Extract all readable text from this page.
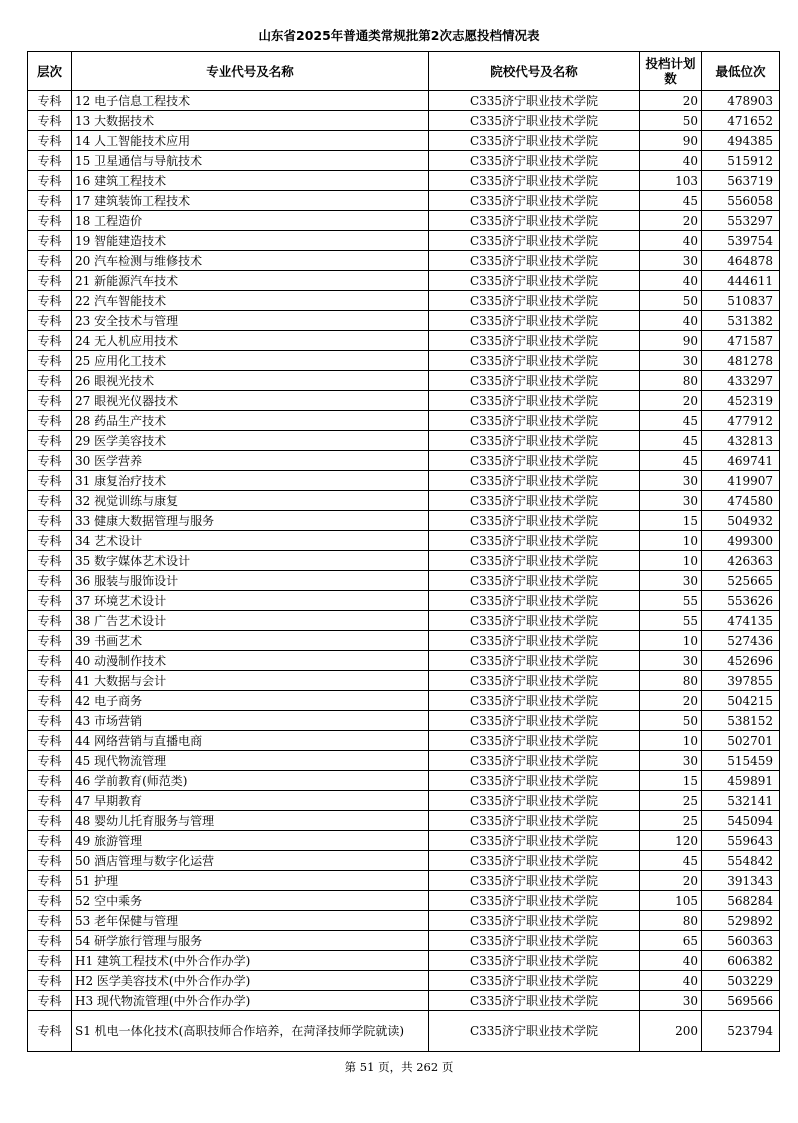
山东省2025年普通类常规批第2次志愿投档情况表
层次	专业代号及名称	院校代号及名称	投档计划数	最低位次
专科	12 电子信息工程技术	C335济宁职业技术学院	20	478903
专科	13 大数据技术	C335济宁职业技术学院	50	471652
专科	14 人工智能技术应用	C335济宁职业技术学院	90	494385
专科	15 卫星通信与导航技术	C335济宁职业技术学院	40	515912
专科	16 建筑工程技术	C335济宁职业技术学院	103	563719
专科	17 建筑装饰工程技术	C335济宁职业技术学院	45	556058
专科	18 工程造价	C335济宁职业技术学院	20	553297
专科	19 智能建造技术	C335济宁职业技术学院	40	539754
专科	20 汽车检测与维修技术	C335济宁职业技术学院	30	464878
专科	21 新能源汽车技术	C335济宁职业技术学院	40	444611
专科	22 汽车智能技术	C335济宁职业技术学院	50	510837
专科	23 安全技术与管理	C335济宁职业技术学院	40	531382
专科	24 无人机应用技术	C335济宁职业技术学院	90	471587
专科	25 应用化工技术	C335济宁职业技术学院	30	481278
专科	26 眼视光技术	C335济宁职业技术学院	80	433297
专科	27 眼视光仪器技术	C335济宁职业技术学院	20	452319
专科	28 药品生产技术	C335济宁职业技术学院	45	477912
专科	29 医学美容技术	C335济宁职业技术学院	45	432813
专科	30 医学营养	C335济宁职业技术学院	45	469741
专科	31 康复治疗技术	C335济宁职业技术学院	30	419907
专科	32 视觉训练与康复	C335济宁职业技术学院	30	474580
专科	33 健康大数据管理与服务	C335济宁职业技术学院	15	504932
专科	34 艺术设计	C335济宁职业技术学院	10	499300
专科	35 数字媒体艺术设计	C335济宁职业技术学院	10	426363
专科	36 服装与服饰设计	C335济宁职业技术学院	30	525665
专科	37 环境艺术设计	C335济宁职业技术学院	55	553626
专科	38 广告艺术设计	C335济宁职业技术学院	55	474135
专科	39 书画艺术	C335济宁职业技术学院	10	527436
专科	40 动漫制作技术	C335济宁职业技术学院	30	452696
专科	41 大数据与会计	C335济宁职业技术学院	80	397855
专科	42 电子商务	C335济宁职业技术学院	20	504215
专科	43 市场营销	C335济宁职业技术学院	50	538152
专科	44 网络营销与直播电商	C335济宁职业技术学院	10	502701
专科	45 现代物流管理	C335济宁职业技术学院	30	515459
专科	46 学前教育(师范类)	C335济宁职业技术学院	15	459891
专科	47 早期教育	C335济宁职业技术学院	25	532141
专科	48 婴幼儿托育服务与管理	C335济宁职业技术学院	25	545094
专科	49 旅游管理	C335济宁职业技术学院	120	559643
专科	50 酒店管理与数字化运营	C335济宁职业技术学院	45	554842
专科	51 护理	C335济宁职业技术学院	20	391343
专科	52 空中乘务	C335济宁职业技术学院	105	568284
专科	53 老年保健与管理	C335济宁职业技术学院	80	529892
专科	54 研学旅行管理与服务	C335济宁职业技术学院	65	560363
专科	H1 建筑工程技术(中外合作办学)	C335济宁职业技术学院	40	606382
专科	H2 医学美容技术(中外合作办学)	C335济宁职业技术学院	40	503229
专科	H3 现代物流管理(中外合作办学)	C335济宁职业技术学院	30	569566
专科	S1 机电一体化技术(高职技师合作培养，在菏泽技师学院就读)	C335济宁职业技术学院	200	523794
第 51 页，共 262 页
